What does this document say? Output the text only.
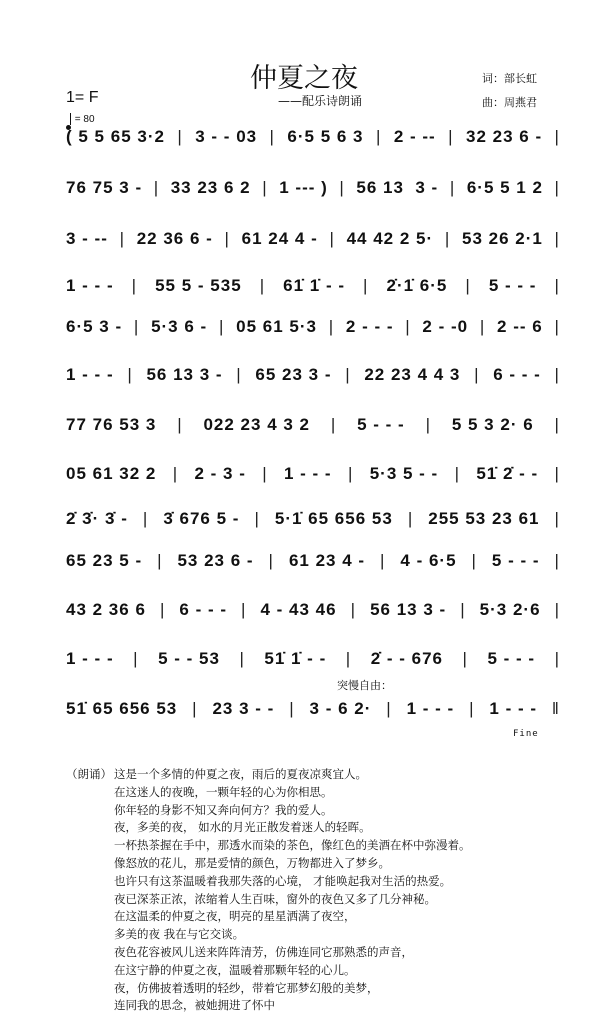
仲夏之夜
——配乐诗朗诵
词：部长虹
曲：周燕君
1= F
= 80
( 5 5 65 3·2 | 3 - - 03 | 6·5 5 6 3 | 2 - -- | 32 23 6 - |
76 75 3 - | 33 23 6 2 | 1 --- ) | 56 13  3 - | 6·5 5 1 2 |
3 - -- | 22 36 6 - | 61 24 4 - | 44 42 2 5· | 53 26 2·1 |
1 - - - | 55 5 - 535 | 61̇ 1̇ - - | 2̇·1̇ 6·5 | 5 - - - |
6·5 3 - | 5·3 6 - | 05 61 5·3 | 2 - - - | 2 - -0 | 2 -- 6 |
1 - - - | 56 13 3 - | 65 23 3 - | 22 23 4 4 3 | 6 - - - |
77 76 53 3 | 022 23 4 3 2 | 5 - - - | 5 5 3 2· 6 |
05 61 32 2 | 2 - 3 - | 1 - - - | 5·3 5 - - | 51̇ 2̇ - - |
2̇ 3̇· 3̇ - | 3̇ 676 5 - | 5·1̇ 65 656 53 | 255 53 23 61 |
65 23 5 - | 53 23 6 - | 61 23 4 - | 4 - 6·5 | 5 - - - |
43 2 36 6 | 6 - - - | 4 - 43 46 | 56 13 3 - | 5·3 2·6 |
1 - - - | 5 - - 53 | 51̇ 1̇ - - | 2̇ - - 676 | 5 - - - |
51̇ 65 656 53 | 23 3 - - | 3 - 6 2· | 1 - - - | 1 - - - ‖
突慢自由：
Fine
（朗诵） 这是一个多情的仲夏之夜，雨后的夏夜凉爽宜人。
在这迷人的夜晚，一颗年轻的心为你相思。
你年轻的身影不知又奔向何方？我的爱人。
夜，多美的夜， 如水的月光正散发着迷人的轻晖。
一杯热茶握在手中，那透水而染的茶色，像红色的美酒在杯中弥漫着。
像怒放的花儿，那是爱情的颜色，万物都进入了梦乡。
也许只有这茶温暖着我那失落的心境， 才能唤起我对生活的热爱。
夜已深茶正浓，浓缩着人生百味，窗外的夜色又多了几分神秘。
在这温柔的仲夏之夜，明亮的星星洒满了夜空，
多美的夜 我在与它交谈。
夜色花容被风儿送来阵阵清芳，仿佛连同它那熟悉的声音，
在这宁静的仲夏之夜，温暖着那颗年轻的心儿。
夜，仿佛披着透明的轻纱，带着它那梦幻般的美梦，
连同我的思念，被她拥进了怀中
